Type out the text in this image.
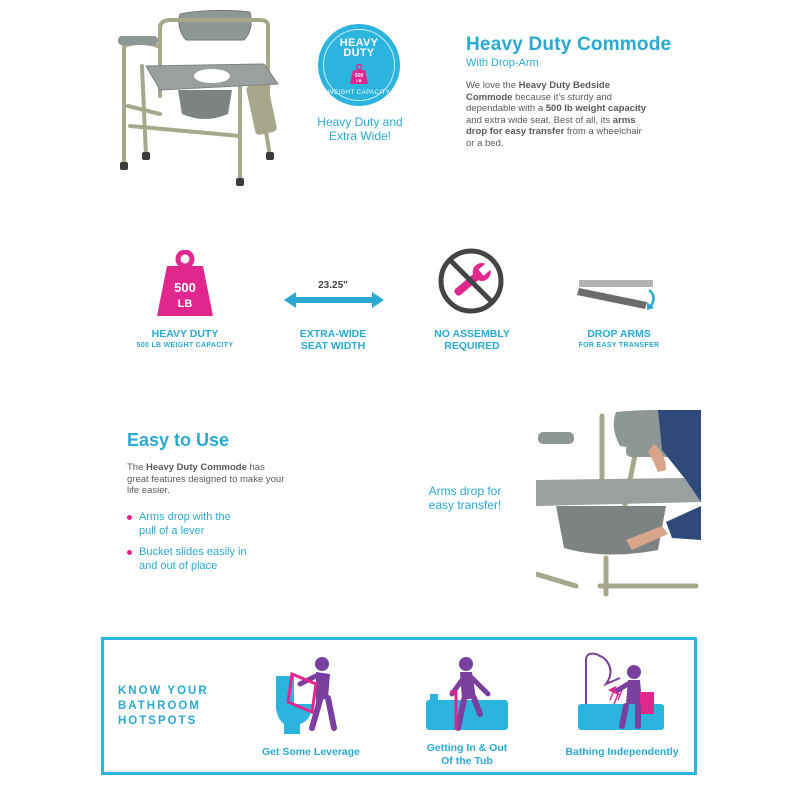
HEAVY
DUTY
500
LB
WEIGHT CAPACITY
Heavy Duty and
Extra Wide!
Heavy Duty Commode
With Drop-Arm
We love the Heavy Duty Bedside Commode because it's sturdy and dependable with a 500 lb weight capacity and extra wide seat. Best of all, its arms drop for easy transfer from a wheelchair or a bed.
500
LB
HEAVY DUTY
500 LB WEIGHT CAPACITY
23.25"
EXTRA-WIDE
SEAT WIDTH
NO ASSEMBLY
REQUIRED
DROP ARMS
FOR EASY TRANSFER
Easy to Use
The Heavy Duty Commode has great features designed to make your life easier.
Arms drop with the
pull of a lever
Bucket slides easily in
and out of place
Arms drop for
easy transfer!
KNOW YOUR
BATHROOM
HOTSPOTS
Get Some Leverage	Getting In & Out
Of the Tub
Bathing Independently
